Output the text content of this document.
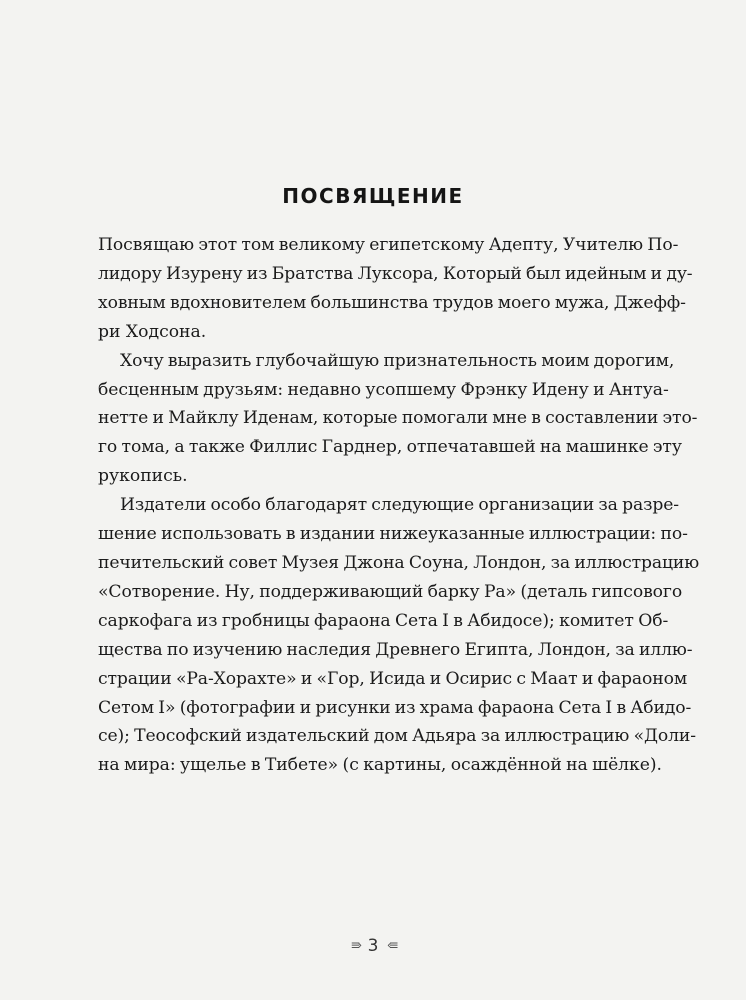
ПОСВЯЩЕНИЕ

Посвящаю этот том великому египетскому Адепту, Учителю По-
лидору Изурену из Братства Луксора, Который был идейным и ду-
ховным вдохновителем большинства трудов моего мужа, Джефф-
ри Ходсона.

Хочу выразить глубочайшую признательность моим дорогим,
бесценным друзьям: недавно усопшему Фрэнку Идену и Антуа-
нетте и Майклу Иденам, которые помогали мне в составлении это-
го тома, а также Филлис Гарднер, отпечатавшей на машинке эту
рукопись.

Издатели особо благодарят следующие организации за разре-
шение использовать в издании нижеуказанные иллюстрации: по-
печительский совет Музея Джона Соуна, Лондон, за иллюстрацию
«Сотворение. Ну, поддерживающий барку Ра» (деталь гипсового
саркофага из гробницы фараона Сета I в Абидосе); комитет Об-
щества по изучению наследия Древнего Египта, Лондон, за иллю-
страции «Ра-Хорахте» и «Гор, Исида и Осирис с Маат и фараоном
Сетом I» (фотографии и рисунки из храма фараона Сета I в Абидо-
се); Теософский издательский дом Адьяра за иллюстрацию «Доли-
на мира: ущелье в Тибете» (с картины, осаждённой на шёлке).

≡› 3 ‹≡
